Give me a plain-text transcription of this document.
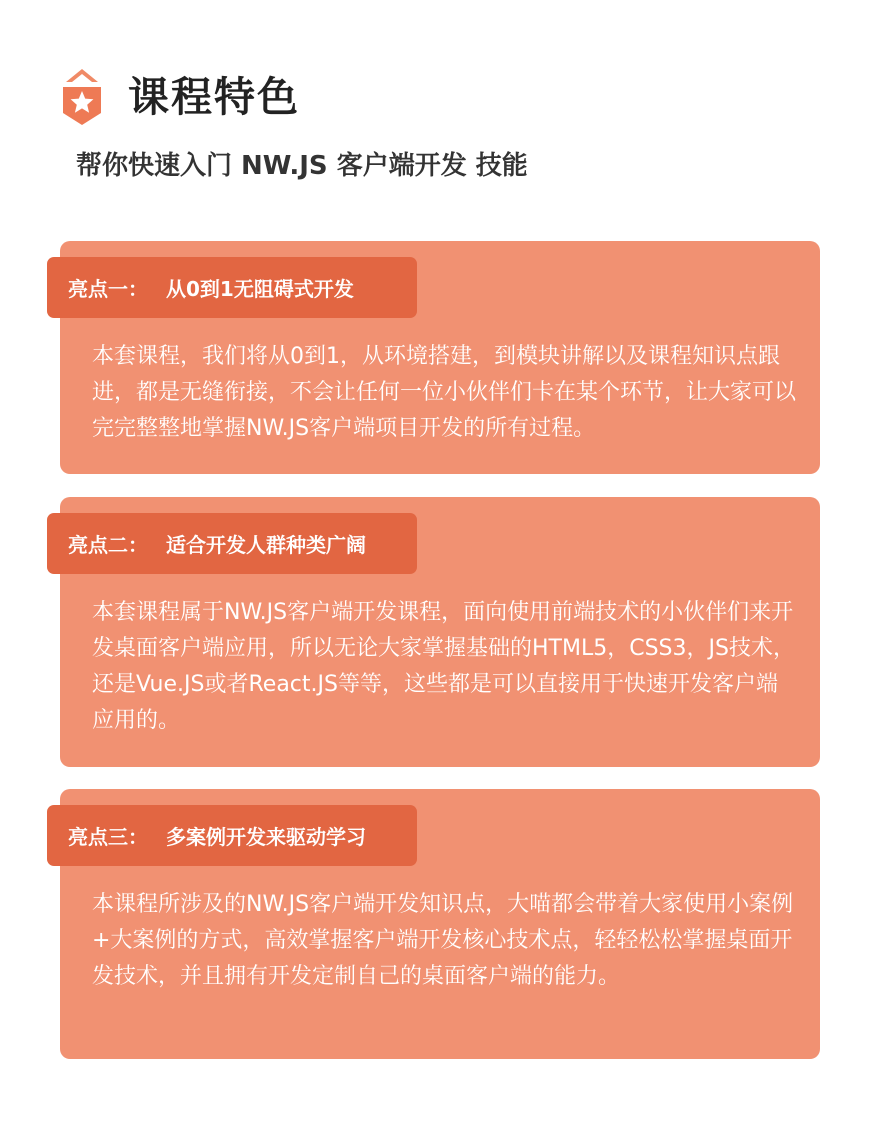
课程特色
帮你快速入门 NW.JS 客户端开发 技能
亮点一： 从0到1无阻碍式开发

本套课程，我们将从0到1，从环境搭建，到模块讲解以及课程知识点跟进，都是无缝衔接，不会让任何一位小伙伴们卡在某个环节，让大家可以完完整整地掌握NW.JS客户端项目开发的所有过程。

亮点二： 适合开发人群种类广阔

本套课程属于NW.JS客户端开发课程，面向使用前端技术的小伙伴们来开发桌面客户端应用，所以无论大家掌握基础的HTML5，CSS3，JS技术，还是Vue.JS或者React.JS等等，这些都是可以直接用于快速开发客户端应用的。

亮点三： 多案例开发来驱动学习

本课程所涉及的NW.JS客户端开发知识点，大喵都会带着大家使用小案例+大案例的方式，高效掌握客户端开发核心技术点，轻轻松松掌握桌面开发技术，并且拥有开发定制自己的桌面客户端的能力。
